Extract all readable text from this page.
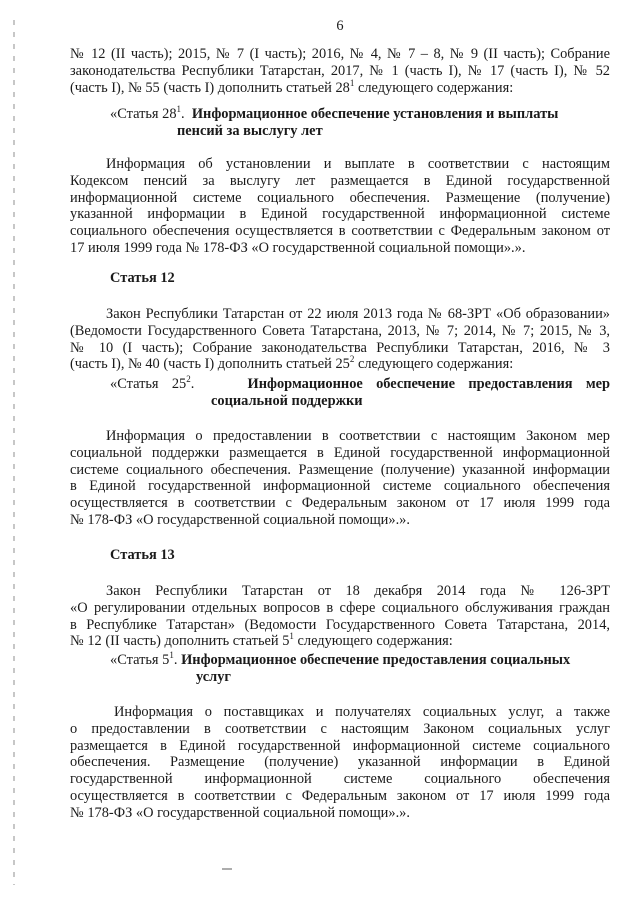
6
№ 12 (II часть); 2015, № 7 (I часть); 2016, № 4, № 7 – 8, № 9 (II часть); Собрание
законодательства Республики Татарстан, 2017, № 1 (часть I), № 17 (часть I), № 52
(часть I), № 55 (часть I) дополнить статьей $28^1$ следующего содержания:
«Статья $28^1$. Информационное обеспечение установления и выплаты
пенсий за выслугу лет
Информация об установлении и выплате в соответствии с настоящим
Кодексом пенсий за выслугу лет размещается в Единой государственной
информационной системе социального обеспечения. Размещение (получение)
указанной информации в Единой государственной информационной системе
социального обеспечения осуществляется в соответствии с Федеральным законом от
17 июля 1999 года № 178-ФЗ «О государственной социальной помощи».».
Статья 12
Закон Республики Татарстан от 22 июля 2013 года № 68-ЗРТ «Об образовании»
(Ведомости Государственного Совета Татарстана, 2013, № 7; 2014, № 7; 2015, № 3,
№ 10 (I часть); Собрание законодательства Республики Татарстан, 2016, № 3
(часть I), № 40 (часть I) дополнить статьей $25^2$ следующего содержания:
«Статья $25^2$.	Информационное обеспечение предоставления мер
социальной поддержки
Информация о предоставлении в соответствии с настоящим Законом мер
социальной поддержки размещается в Единой государственной информационной
системе социального обеспечения. Размещение (получение) указанной информации
в Единой государственной информационной системе социального обеспечения
осуществляется в соответствии с Федеральным законом от 17 июля 1999 года
№ 178-ФЗ «О государственной социальной помощи».».
Статья 13
Закон Республики Татарстан от 18 декабря 2014 года № 126-ЗРТ
«О регулировании отдельных вопросов в сфере социального обслуживания граждан
в Республике Татарстан» (Ведомости Государственного Совета Татарстана, 2014,
№ 12 (II часть) дополнить статьей $5^1$ следующего содержания:
«Статья $5^1$. Информационное обеспечение предоставления социальных
услуг
Информация о поставщиках и получателях социальных услуг, а также
о предоставлении в соответствии с настоящим Законом социальных услуг
размещается в Единой государственной информационной системе социального
обеспечения. Размещение (получение) указанной информации в Единой
государственной информационной системе социального обеспечения
осуществляется в соответствии с Федеральным законом от 17 июля 1999 года
№ 178-ФЗ «О государственной социальной помощи».».
